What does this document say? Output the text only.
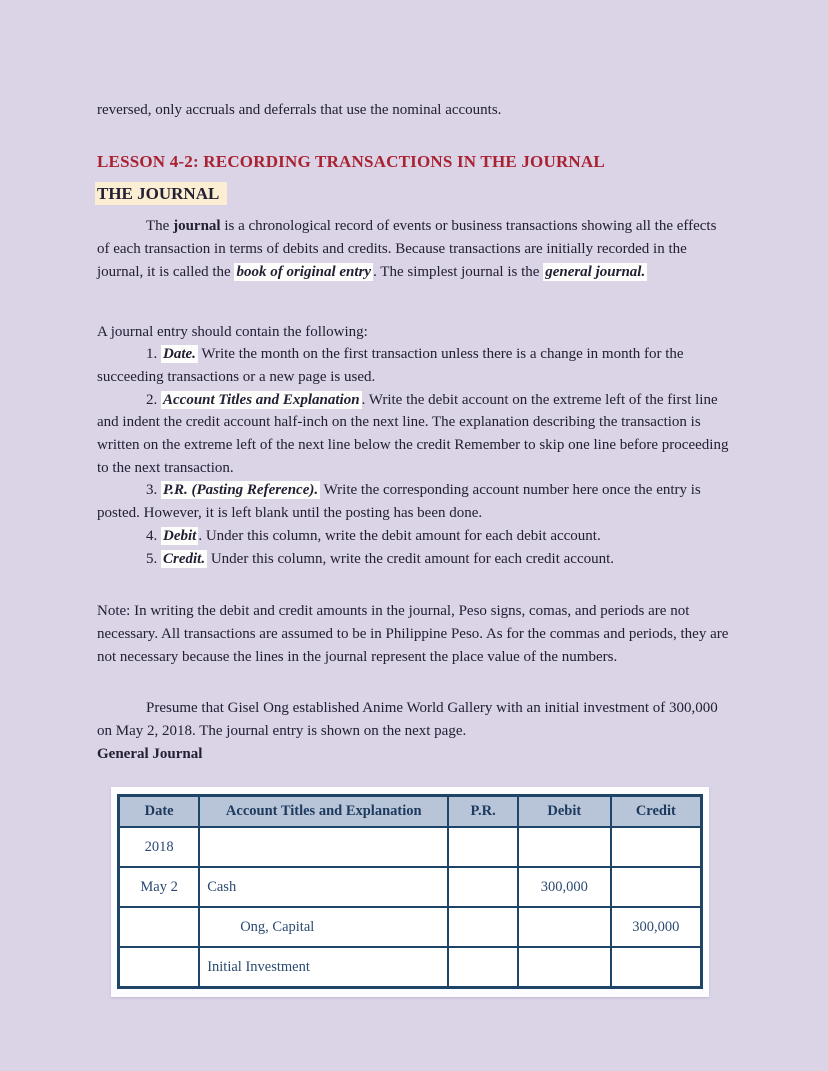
reversed, only accruals and deferrals that use the nominal accounts.

LESSON 4-2: RECORDING TRANSACTIONS IN THE JOURNAL

THE JOURNAL

The journal is a chronological record of events or business transactions showing all the effects of each transaction in terms of debits and credits. Because transactions are initially recorded in the journal, it is called the book of original entry . The simplest journal is the general journal.

A journal entry should contain the following:

1. Date. Write the month on the first transaction unless there is a change in month for the succeeding transactions or a new page is used.

2. Account Titles and Explanation . Write the debit account on the extreme left of the first line and indent the credit account half-inch on the next line. The explanation describing the transaction is written on the extreme left of the next line below the credit Remember to skip one line before proceeding to the next transaction.

3. P.R. (Pasting Reference). Write the corresponding account number here once the entry is posted. However, it is left blank until the posting has been done.

4. Debit . Under this column, write the debit amount for each debit account.

5. Credit. Under this column, write the credit amount for each credit account.

Note: In writing the debit and credit amounts in the journal, Peso signs, comas, and periods are not necessary. All transactions are assumed to be in Philippine Peso. As for the commas and periods, they are not necessary because the lines in the journal represent the place value of the numbers.

Presume that Gisel Ong established Anime World Gallery with an initial investment of 300,000 on May 2, 2018. The journal entry is shown on the next page.

General Journal

Date	Account Titles and Explanation	P.R.	Debit	Credit
2018				
May 2	Cash		300,000	
	Ong, Capital			300,000
	Initial Investment			
